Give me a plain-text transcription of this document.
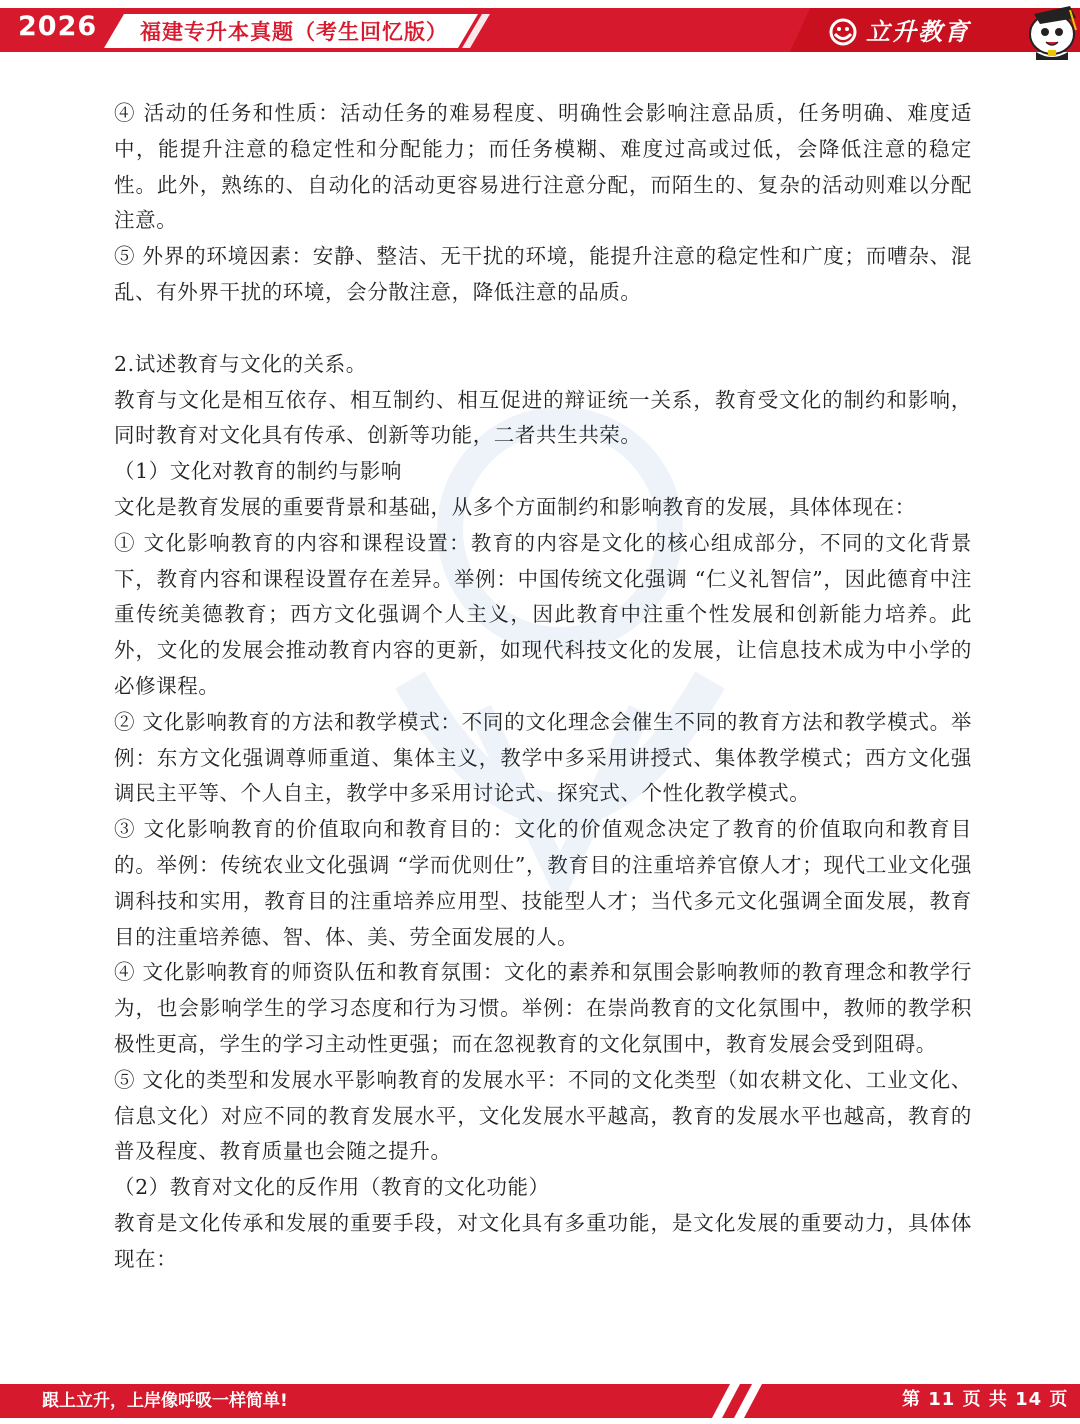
2026 福建专升本真题（考生回忆版）	立升教育

④ 活动的任务和性质：活动任务的难易程度、明确性会影响注意品质，任务明确、难度适中，能提升注意的稳定性和分配能力；而任务模糊、难度过高或过低，会降低注意的稳定性。此外，熟练的、自动化的活动更容易进行注意分配，而陌生的、复杂的活动则难以分配注意。

⑤ 外界的环境因素：安静、整洁、无干扰的环境，能提升注意的稳定性和广度；而嘈杂、混乱、有外界干扰的环境，会分散注意，降低注意的品质。

2.试述教育与文化的关系。

教育与文化是相互依存、相互制约、相互促进的辩证统一关系，教育受文化的制约和影响，同时教育对文化具有传承、创新等功能，二者共生共荣。

（1）文化对教育的制约与影响

文化是教育发展的重要背景和基础，从多个方面制约和影响教育的发展，具体体现在：

① 文化影响教育的内容和课程设置：教育的内容是文化的核心组成部分，不同的文化背景下，教育内容和课程设置存在差异。举例：中国传统文化强调 “仁义礼智信”，因此德育中注重传统美德教育；西方文化强调个人主义，因此教育中注重个性发展和创新能力培养。此外，文化的发展会推动教育内容的更新，如现代科技文化的发展，让信息技术成为中小学的必修课程。

② 文化影响教育的方法和教学模式：不同的文化理念会催生不同的教育方法和教学模式。举例：东方文化强调尊师重道、集体主义，教学中多采用讲授式、集体教学模式；西方文化强调民主平等、个人自主，教学中多采用讨论式、探究式、个性化教学模式。

③ 文化影响教育的价值取向和教育目的：文化的价值观念决定了教育的价值取向和教育目的。举例：传统农业文化强调 “学而优则仕”，教育目的注重培养官僚人才；现代工业文化强调科技和实用，教育目的注重培养应用型、技能型人才；当代多元文化强调全面发展，教育目的注重培养德、智、体、美、劳全面发展的人。

④ 文化影响教育的师资队伍和教育氛围：文化的素养和氛围会影响教师的教育理念和教学行为，也会影响学生的学习态度和行为习惯。举例：在崇尚教育的文化氛围中，教师的教学积极性更高，学生的学习主动性更强；而在忽视教育的文化氛围中，教育发展会受到阻碍。

⑤ 文化的类型和发展水平影响教育的发展水平：不同的文化类型（如农耕文化、工业文化、信息文化）对应不同的教育发展水平，文化发展水平越高，教育的发展水平也越高，教育的普及程度、教育质量也会随之提升。

（2）教育对文化的反作用（教育的文化功能）

教育是文化传承和发展的重要手段，对文化具有多重功能，是文化发展的重要动力，具体体现在：

跟上立升，上岸像呼吸一样简单!	第 11 页 共 14 页
